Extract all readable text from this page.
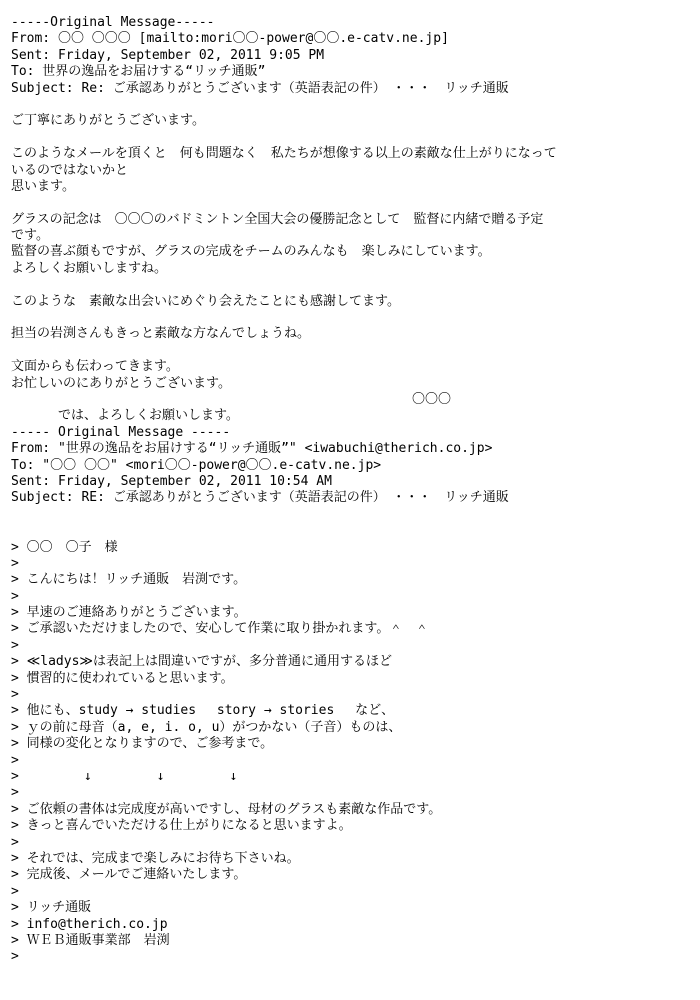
-----Original Message-----
From: 〇〇 〇〇〇 [mailto:mori〇〇-power@〇〇.e-catv.ne.jp]
Sent: Friday, September 02, 2011 9:05 PM
To: 世界の逸品をお届けする“リッチ通販”
Subject: Re: ご承認ありがとうございます（英語表記の件）　・・・　リッチ通販
ご丁寧にありがとうございます。
このようなメールを頂くと　何も問題なく　私たちが想像する以上の素敵な仕上がりになって
いるのではないかと
思います。
グラスの記念は　〇〇〇のバドミントン全国大会の優勝記念として　監督に内緒で贈る予定
です。
監督の喜ぶ顔もですが、グラスの完成をチームのみんなも　楽しみにしています。
よろしくお願いしますね。
このような　素敵な出会いにめぐり会えたことにも感謝してます。
担当の岩渕さんもきっと素敵な方なんでしょうね。
文面からも伝わってきます。
お忙しいのにありがとうございます。

では、よろしくお願いします。

〇〇〇

----- Original Message -----
From: "世界の逸品をお届けする“リッチ通販”" <iwabuchi@therich.co.jp>
To: "〇〇 〇〇" <mori〇〇-power@〇〇.e-catv.ne.jp>
Sent: Friday, September 02, 2011 10:54 AM
Subject: RE: ご承認ありがとうございます（英語表記の件）　・・・　リッチ通販
> 〇〇　〇子　様
>
> こんにちは！リッチ通販　岩渕です。
>
> 早速のご連絡ありがとうございます。
> ご承認いただけましたので、安心して作業に取り掛かれます。＾　＾
>
> ≪ladys≫は表記上は間違いですが、多分普通に通用するほど
> 慣習的に使われていると思います。
>
> 他にも、study → studies　 story → stories　 など、
> ｙの前に母音（a, e, i. o, u）がつかない（子音）ものは、
> 同様の変化となりますので、ご参考まで。
>
>　　　　　↓　　　　　↓　　　　　↓
>
> ご依頼の書体は完成度が高いですし、母材のグラスも素敵な作品です。
> きっと喜んでいただける仕上がりになると思いますよ。
>
> それでは、完成まで楽しみにお待ち下さいね。
> 完成後、メールでご連絡いたします。
>
> リッチ通販
> info@therich.co.jp
> ＷＥＢ通販事業部　岩渕
>
